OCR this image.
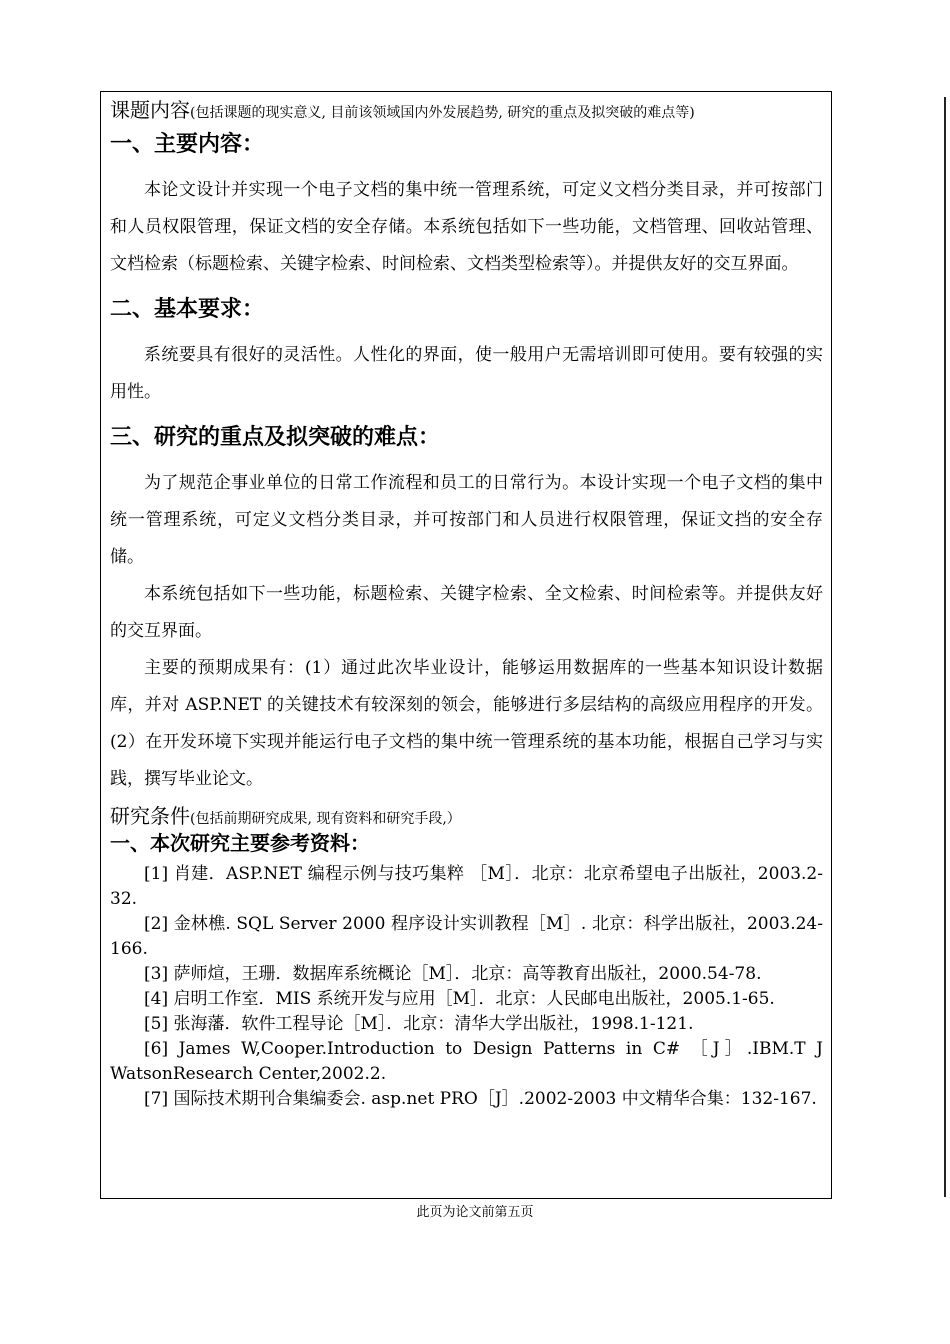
课题内容(包括课题的现实意义, 目前该领域国内外发展趋势, 研究的重点及拟突破的难点等)
一、主要内容：

本论文设计并实现一个电子文档的集中统一管理系统，可定义文档分类目录，并可按部门和人员权限管理，保证文档的安全存储。本系统包括如下一些功能，文档管理、回收站管理、文档检索（标题检索、关键字检索、时间检索、文档类型检索等）。并提供友好的交互界面。

二、基本要求：

系统要具有很好的灵活性。人性化的界面，使一般用户无需培训即可使用。要有较强的实用性。

三、研究的重点及拟突破的难点：

为了规范企事业单位的日常工作流程和员工的日常行为。本设计实现一个电子文档的集中统一管理系统，可定义文档分类目录，并可按部门和人员进行权限管理，保证文挡的安全存储。

本系统包括如下一些功能，标题检索、关键字检索、全文检索、时间检索等。并提供友好的交互界面。

主要的预期成果有：(1）通过此次毕业设计，能够运用数据库的一些基本知识设计数据库，并对 ASP.NET 的关键技术有较深刻的领会，能够进行多层结构的高级应用程序的开发。(2）在开发环境下实现并能运行电子文档的集中统一管理系统的基本功能，根据自己学习与实践，撰写毕业论文。

研究条件(包括前期研究成果, 现有资料和研究手段,）
一、本次研究主要参考资料：

[1] 肖建．ASP.NET 编程示例与技巧集粹 ［M］．北京：北京希望电子出版社，2003.2-32.

[2] 金林樵. SQL Server 2000 程序设计实训教程［M］. 北京：科学出版社，2003.24-166.

[3] 萨师煊，王珊．数据库系统概论［M］．北京：高等教育出版社，2000.54-78.

[4] 启明工作室．MIS 系统开发与应用［M］．北京：人民邮电出版社，2005.1-65.

[5] 张海藩．软件工程导论［M］．北京：清华大学出版社，1998.1-121.

[6] James W,Cooper.Introduction to Design Patterns in C# ［J］.IBM.T J WatsonResearch Center,2002.2.

[7] 国际技术期刊合集编委会. asp.net PRO［J］.2002-2003 中文精华合集：132-167.

此页为论文前第五页
